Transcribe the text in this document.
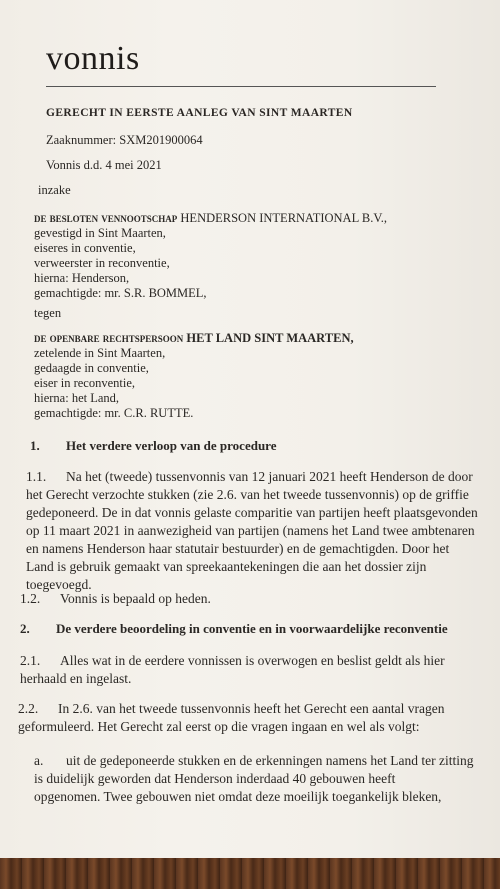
vonnis
GERECHT IN EERSTE AANLEG VAN SINT MAARTEN
Zaaknummer: SXM201900064
Vonnis d.d. 4 mei 2021
inzake
de besloten vennootschap HENDERSON INTERNATIONAL B.V.,
gevestigd in Sint Maarten,
eiseres in conventie,
verweerster in reconventie,
hierna: Henderson,
gemachtigde: mr. S.R. BOMMEL,
tegen
de openbare rechtspersoon HET LAND SINT MAARTEN,
zetelende in Sint Maarten,
gedaagde in conventie,
eiser in reconventie,
hierna: het Land,
gemachtigde: mr. C.R. RUTTE.
1. Het verdere verloop van de procedure
1.1. Na het (tweede) tussenvonnis van 12 januari 2021 heeft Henderson de door
het Gerecht verzochte stukken (zie 2.6. van het tweede tussenvonnis) op de griffie
gedeponeerd. De in dat vonnis gelaste comparitie van partijen heeft plaatsgevonden
op 11 maart 2021 in aanwezigheid van partijen (namens het Land twee ambtenaren
en namens Henderson haar statutair bestuurder) en de gemachtigden. Door het
Land is gebruik gemaakt van spreekaantekeningen die aan het dossier zijn
toegevoegd.
1.2. Vonnis is bepaald op heden.
2. De verdere beoordeling in conventie en in voorwaardelijke reconventie
2.1. Alles wat in de eerdere vonnissen is overwogen en beslist geldt als hier
herhaald en ingelast.
2.2. In 2.6. van het tweede tussenvonnis heeft het Gerecht een aantal vragen
geformuleerd. Het Gerecht zal eerst op die vragen ingaan en wel als volgt:
a. uit de gedeponeerde stukken en de erkenningen namens het Land ter zitting
is duidelijk geworden dat Henderson inderdaad 40 gebouwen heeft
opgenomen. Twee gebouwen niet omdat deze moeilijk toegankelijk bleken,
